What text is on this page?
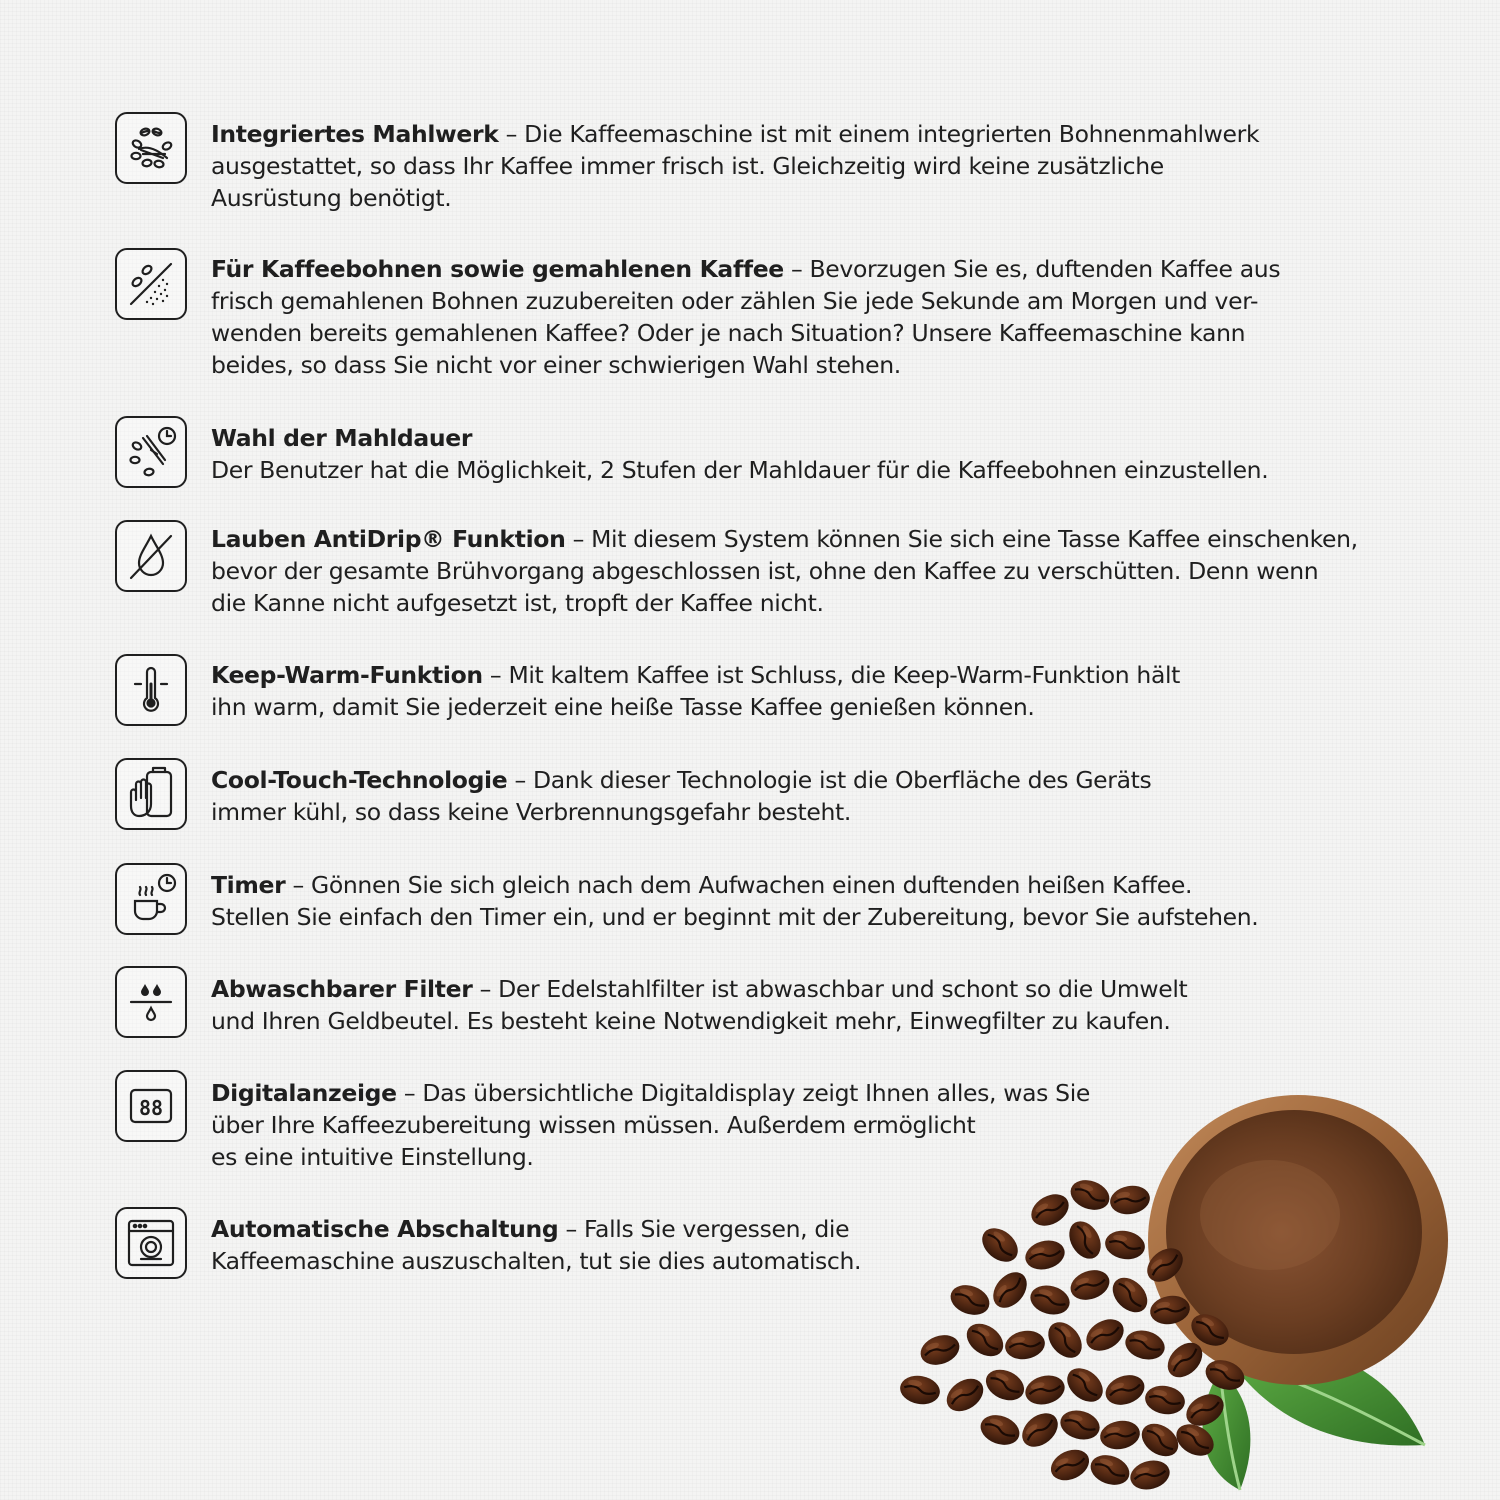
Integriertes Mahlwerk – Die Kaffeemaschine ist mit einem integrierten Bohnenmahlwerk
ausgestattet, so dass Ihr Kaffee immer frisch ist. Gleichzeitig wird keine zusätzliche
Ausrüstung benötigt.
Für Kaffeebohnen sowie gemahlenen Kaffee – Bevorzugen Sie es, duftenden Kaffee aus
frisch gemahlenen Bohnen zuzubereiten oder zählen Sie jede Sekunde am Morgen und ver-
wenden bereits gemahlenen Kaffee? Oder je nach Situation? Unsere Kaffeemaschine kann
beides, so dass Sie nicht vor einer schwierigen Wahl stehen.
Wahl der Mahldauer
Der Benutzer hat die Möglichkeit, 2 Stufen der Mahldauer für die Kaffeebohnen einzustellen.
Lauben AntiDrip® Funktion – Mit diesem System können Sie sich eine Tasse Kaffee einschenken,
bevor der gesamte Brühvorgang abgeschlossen ist, ohne den Kaffee zu verschütten. Denn wenn
die Kanne nicht aufgesetzt ist, tropft der Kaffee nicht.
Keep-Warm-Funktion – Mit kaltem Kaffee ist Schluss, die Keep-Warm-Funktion hält
ihn warm, damit Sie jederzeit eine heiße Tasse Kaffee genießen können.
Cool-Touch-Technologie – Dank dieser Technologie ist die Oberfläche des Geräts
immer kühl, so dass keine Verbrennungsgefahr besteht.
Timer – Gönnen Sie sich gleich nach dem Aufwachen einen duftenden heißen Kaffee.
Stellen Sie einfach den Timer ein, und er beginnt mit der Zubereitung, bevor Sie aufstehen.
Abwaschbarer Filter – Der Edelstahlfilter ist abwaschbar und schont so die Umwelt
und Ihren Geldbeutel. Es besteht keine Notwendigkeit mehr, Einwegfilter zu kaufen.
88
Digitalanzeige – Das übersichtliche Digitaldisplay zeigt Ihnen alles, was Sie
über Ihre Kaffeezubereitung wissen müssen. Außerdem ermöglicht
es eine intuitive Einstellung.
Automatische Abschaltung – Falls Sie vergessen, die
Kaffeemaschine auszuschalten, tut sie dies automatisch.
